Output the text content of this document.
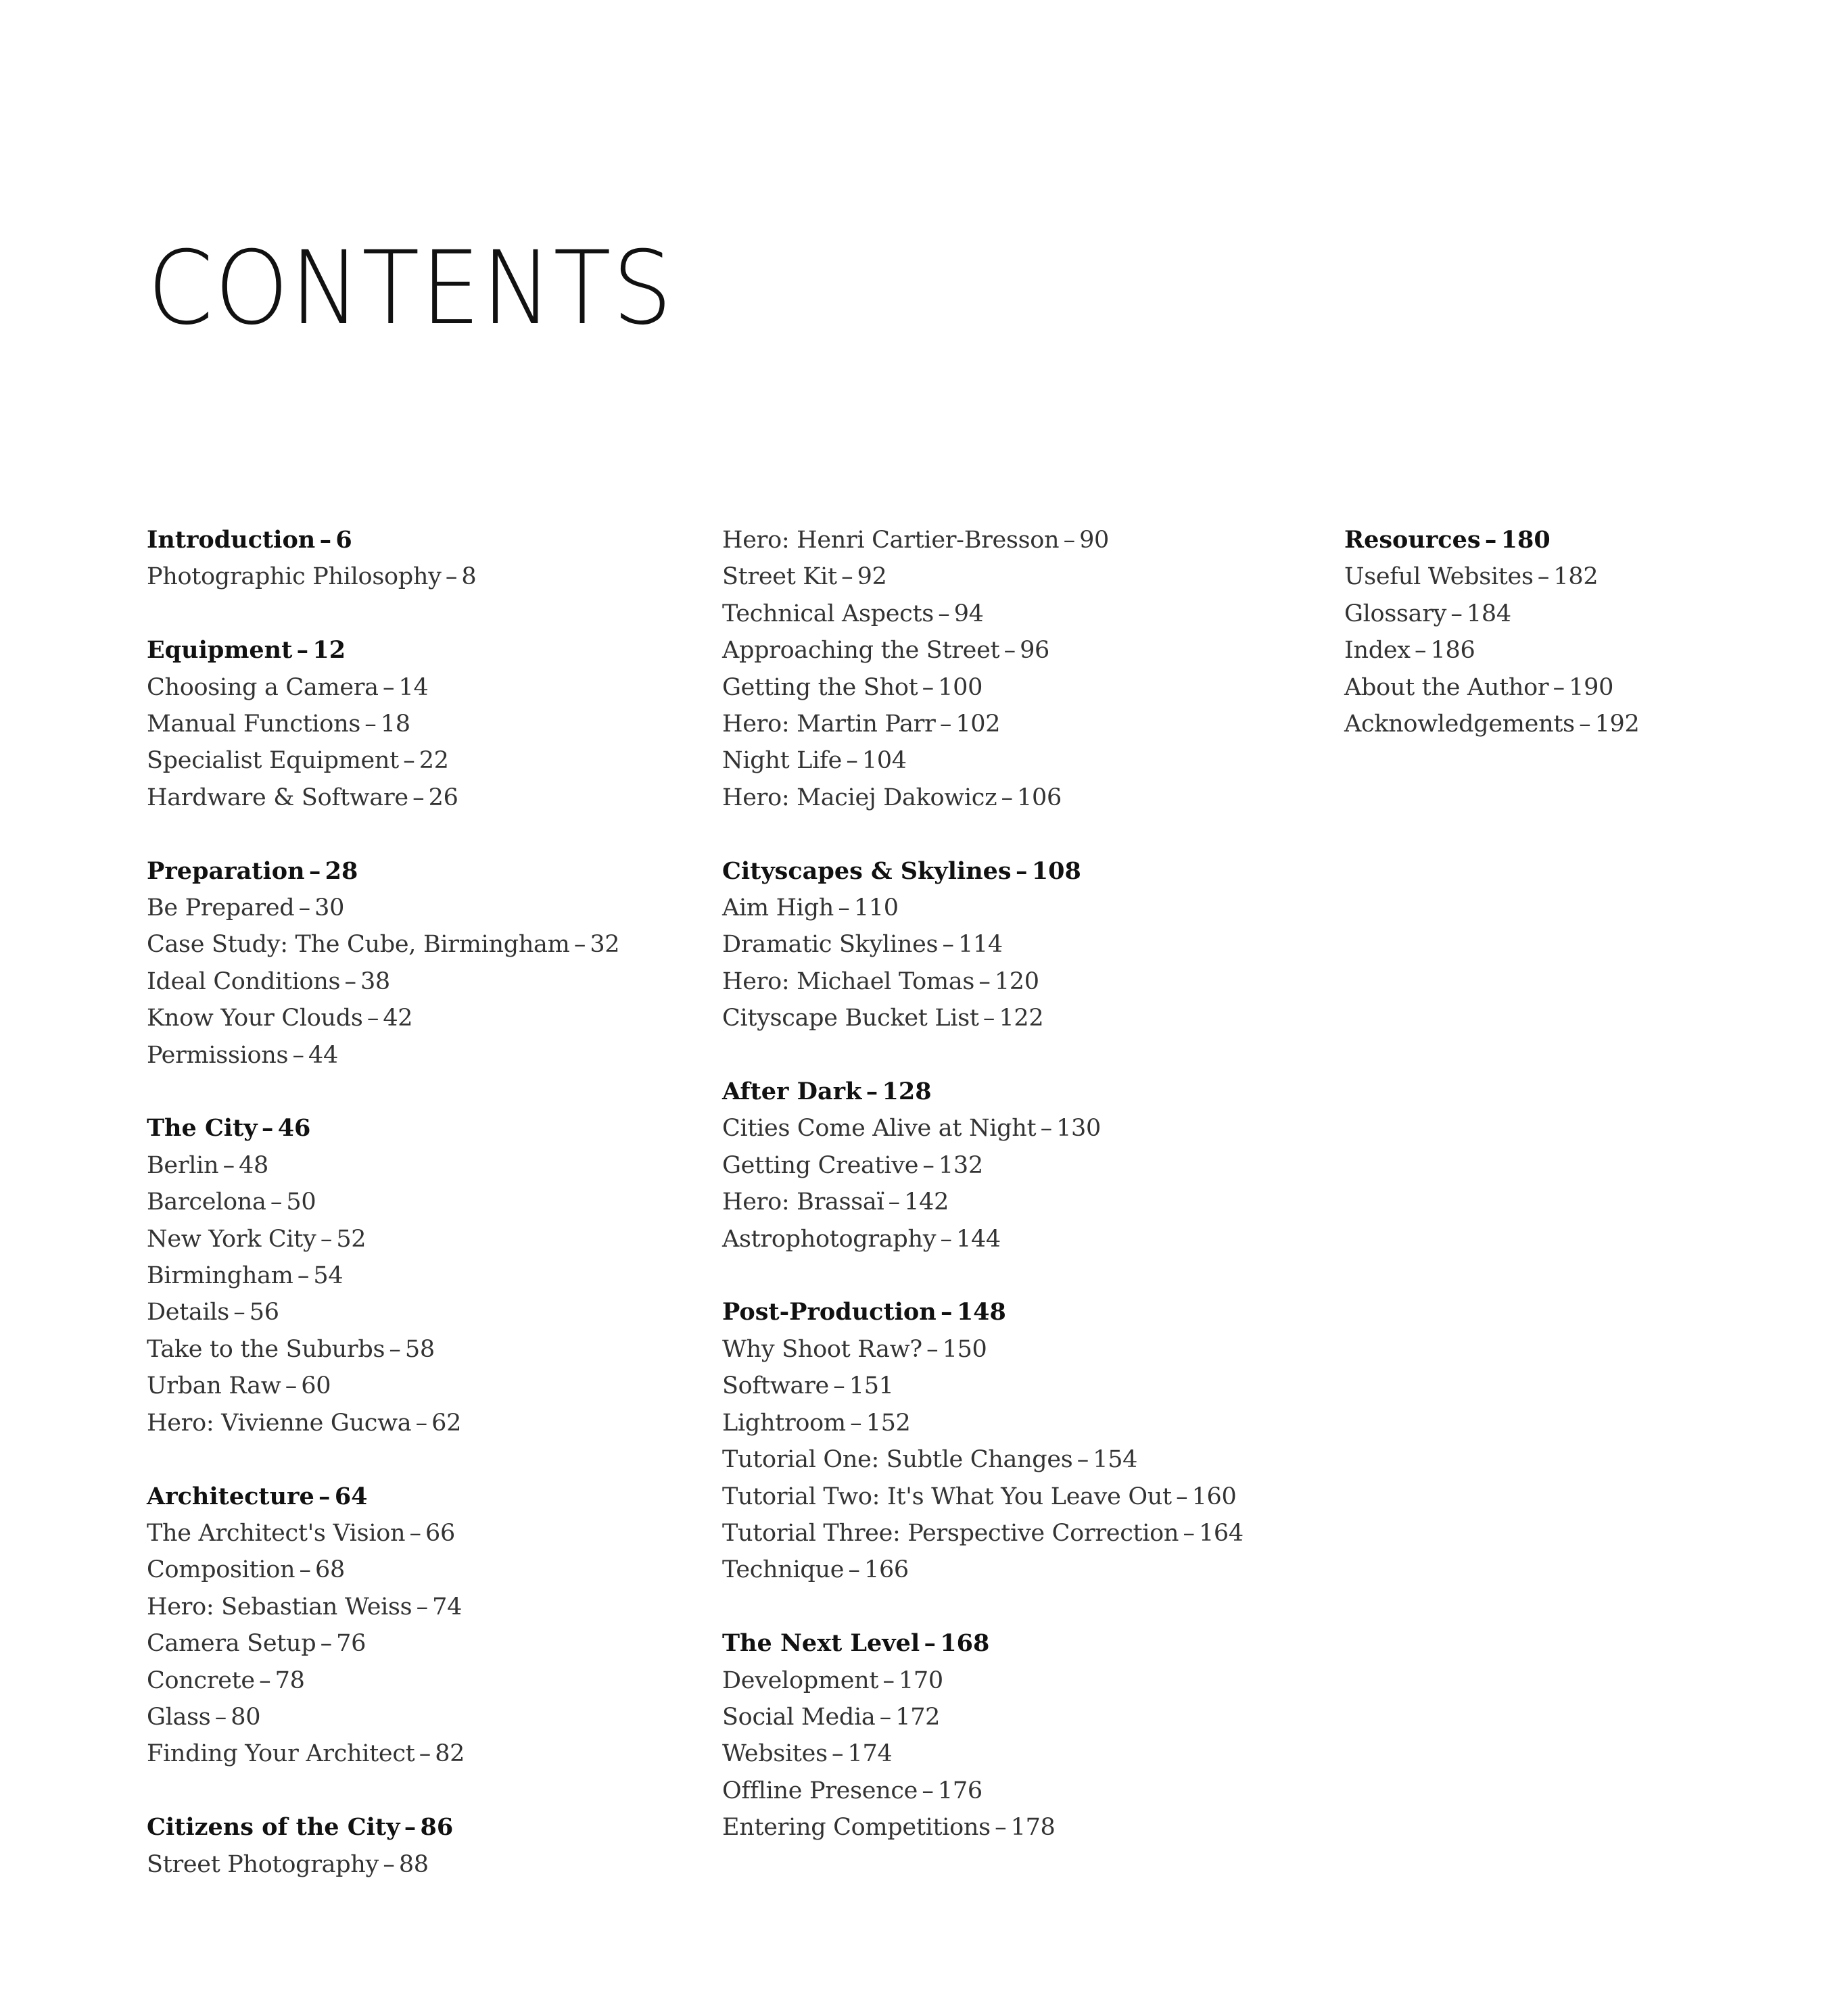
CONTENTS
Introduction – 6
Photographic Philosophy – 8
Equipment – 12
Choosing a Camera – 14
Manual Functions – 18
Specialist Equipment – 22
Hardware & Software – 26
Preparation – 28
Be Prepared – 30
Case Study: The Cube, Birmingham – 32
Ideal Conditions – 38
Know Your Clouds – 42
Permissions – 44
The City – 46
Berlin – 48
Barcelona – 50
New York City – 52
Birmingham – 54
Details – 56
Take to the Suburbs – 58
Urban Raw – 60
Hero: Vivienne Gucwa – 62
Architecture – 64
The Architect's Vision – 66
Composition – 68
Hero: Sebastian Weiss – 74
Camera Setup – 76
Concrete – 78
Glass – 80
Finding Your Architect – 82
Citizens of the City – 86
Street Photography – 88
Hero: Henri Cartier-Bresson – 90
Street Kit – 92
Technical Aspects – 94
Approaching the Street – 96
Getting the Shot – 100
Hero: Martin Parr – 102
Night Life – 104
Hero: Maciej Dakowicz – 106
Cityscapes & Skylines – 108
Aim High – 110
Dramatic Skylines – 114
Hero: Michael Tomas – 120
Cityscape Bucket List – 122
After Dark – 128
Cities Come Alive at Night – 130
Getting Creative – 132
Hero: Brassaï – 142
Astrophotography – 144
Post-Production – 148
Why Shoot Raw? – 150
Software – 151
Lightroom – 152
Tutorial One: Subtle Changes – 154
Tutorial Two: It's What You Leave Out – 160
Tutorial Three: Perspective Correction – 164
Technique – 166
The Next Level – 168
Development – 170
Social Media – 172
Websites – 174
Offline Presence – 176
Entering Competitions – 178
Resources – 180
Useful Websites – 182
Glossary – 184
Index – 186
About the Author – 190
Acknowledgements – 192
